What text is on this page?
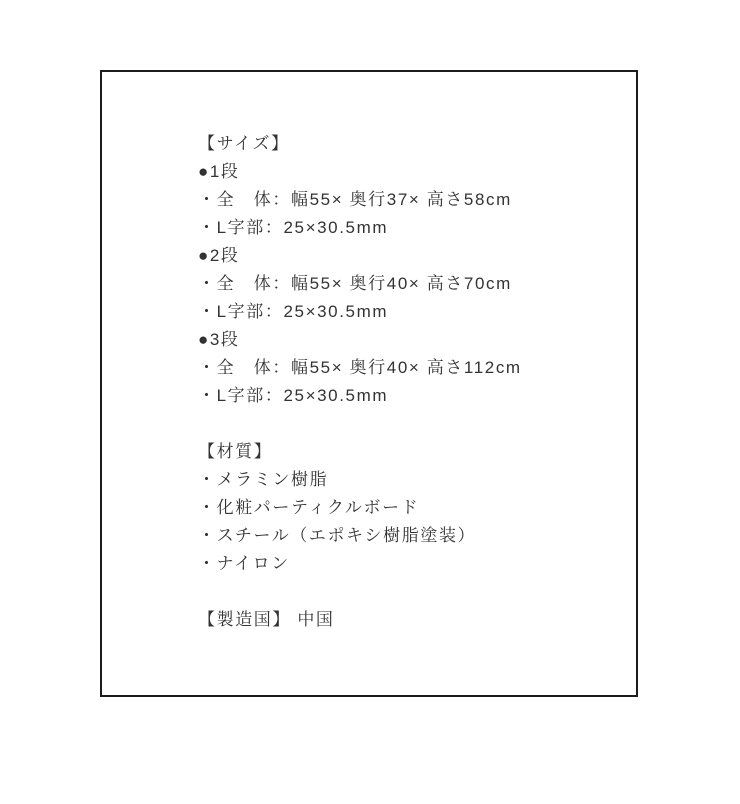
【サイズ】
●1段
・全　体：幅55× 奥行37× 高さ58cm
・L字部：25×30.5mm
●2段
・全　体：幅55× 奥行40× 高さ70cm
・L字部：25×30.5mm
●3段
・全　体：幅55× 奥行40× 高さ112cm
・L字部：25×30.5mm

【材質】
・メラミン樹脂
・化粧パーティクルボード
・スチール（エポキシ樹脂塗装）
・ナイロン

【製造国】 中国
